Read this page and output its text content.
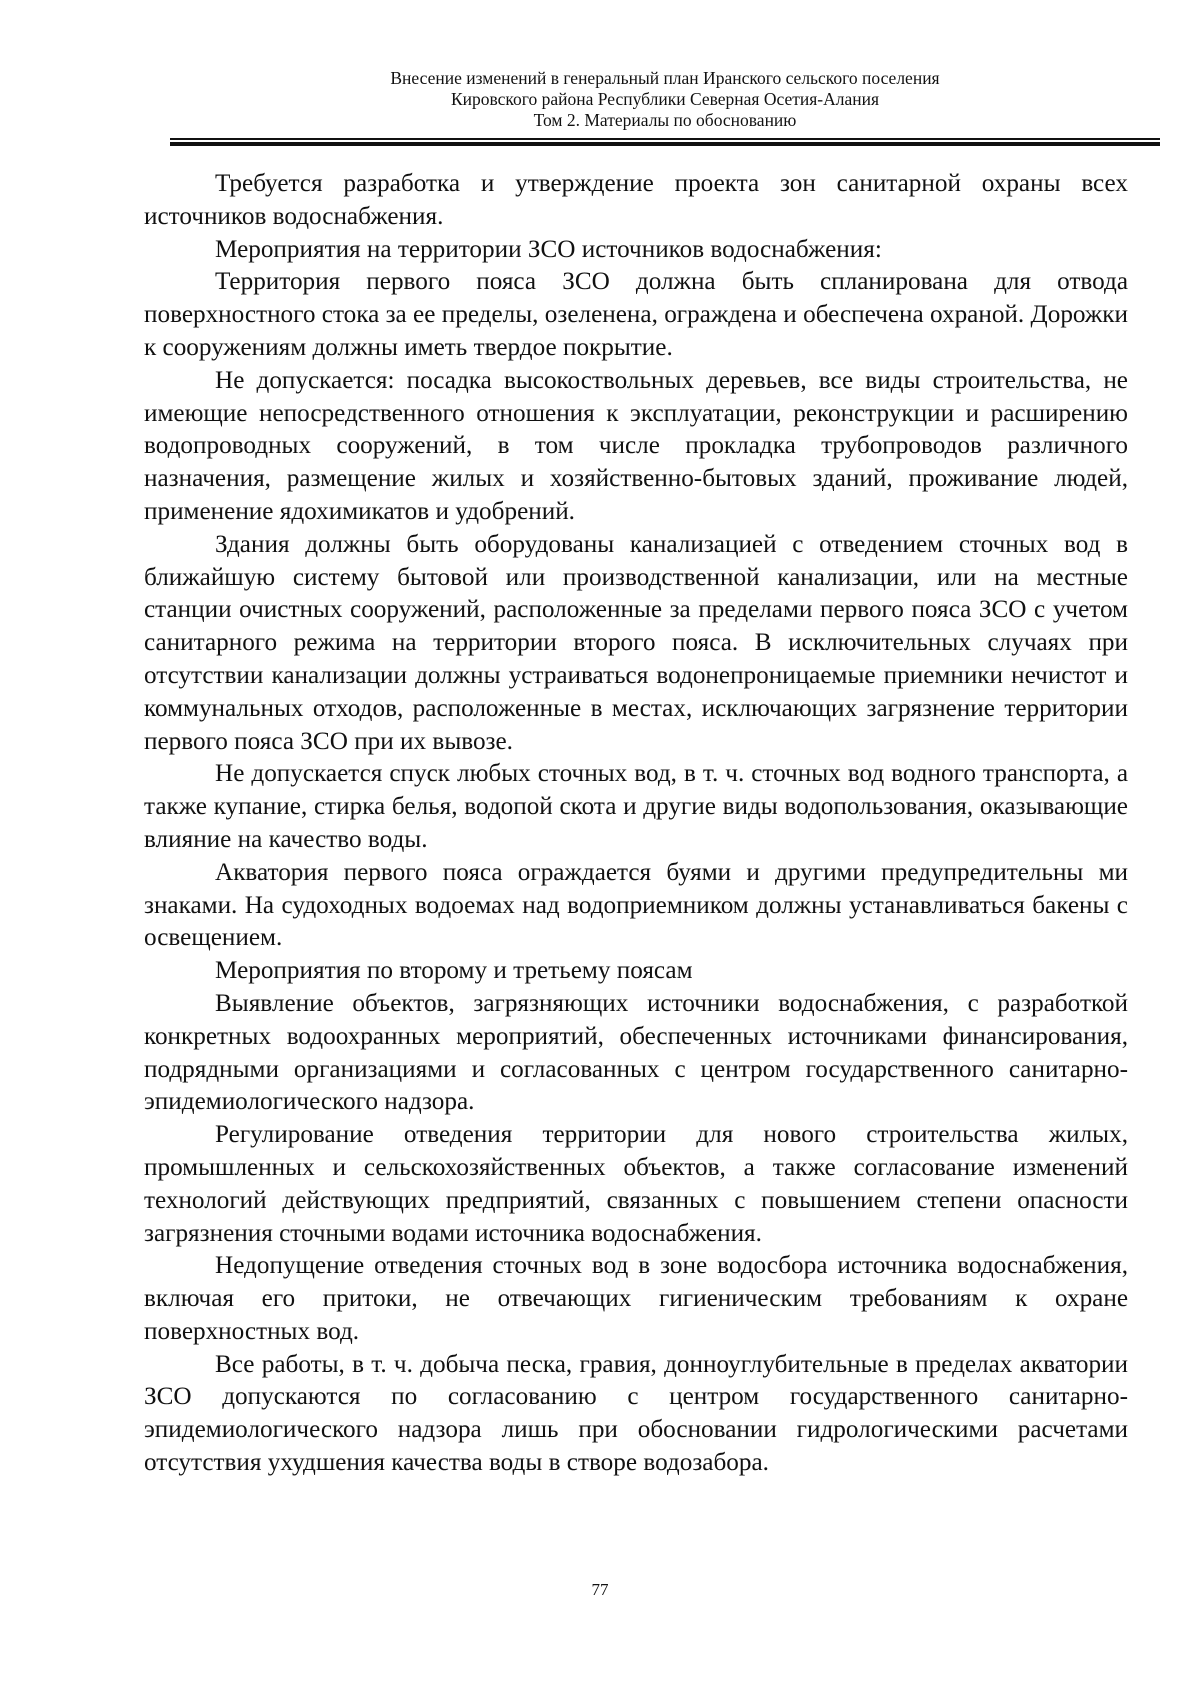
Внесение изменений в генеральный план Иранского сельского поселения
Кировского района Республики Северная Осетия-Алания
Том 2. Материалы по обоснованию

Требуется разработка и утверждение проекта зон санитарной охраны всех источников водоснабжения.

Мероприятия на территории ЗСО источников водоснабжения:

Территория первого пояса ЗСО должна быть спланирована для отвода поверхностного стока за ее пределы, озеленена, ограждена и обеспечена охраной. Дорожки к сооружениям должны иметь твердое покрытие.

Не допускается: посадка высокоствольных деревьев, все виды строительства, не имеющие непосредственного отношения к эксплуатации, реконструкции и расширению водопроводных сооружений, в том числе прокладка трубопроводов различного назначения, размещение жилых и хозяйственно-бытовых зданий, проживание людей, применение ядохимикатов и удобрений.

Здания должны быть оборудованы канализацией с отведением сточных вод в ближайшую систему бытовой или производственной канализации, или на местные станции очистных сооружений, расположенные за пределами первого пояса ЗСО с учетом санитарного режима на территории второго пояса. В исключительных случаях при отсутствии канализации должны устраиваться водонепроницаемые приемники нечистот и коммунальных отходов, расположенные в местах, исключающих загрязнение территории первого пояса ЗСО при их вывозе.

Не допускается спуск любых сточных вод, в т. ч. сточных вод водного транспорта, а также купание, стирка белья, водопой скота и другие виды водопользования, оказывающие влияние на качество воды.

Акватория первого пояса ограждается буями и другими предупредительны ми знаками. На судоходных водоемах над водоприемником должны устанавливаться бакены с освещением.

Мероприятия по второму и третьему поясам

Выявление объектов, загрязняющих источники водоснабжения, с разработкой конкретных водоохранных мероприятий, обеспеченных источниками финансирования, подрядными организациями и согласованных с центром государственного санитарно-эпидемиологического надзора.

Регулирование отведения территории для нового строительства жилых, промышленных и сельскохозяйственных объектов, а также согласование изменений технологий действующих предприятий, связанных с повышением степени опасности загрязнения сточными водами источника водоснабжения.

Недопущение отведения сточных вод в зоне водосбора источника водоснабжения, включая его притоки, не отвечающих гигиеническим требованиям к охране поверхностных вод.

Все работы, в т. ч. добыча песка, гравия, донноуглубительные в пределах акватории ЗСО допускаются по согласованию с центром государственного санитарно-эпидемиологического надзора лишь при обосновании гидрологическими расчетами отсутствия ухудшения качества воды в створе водозабора.

77
